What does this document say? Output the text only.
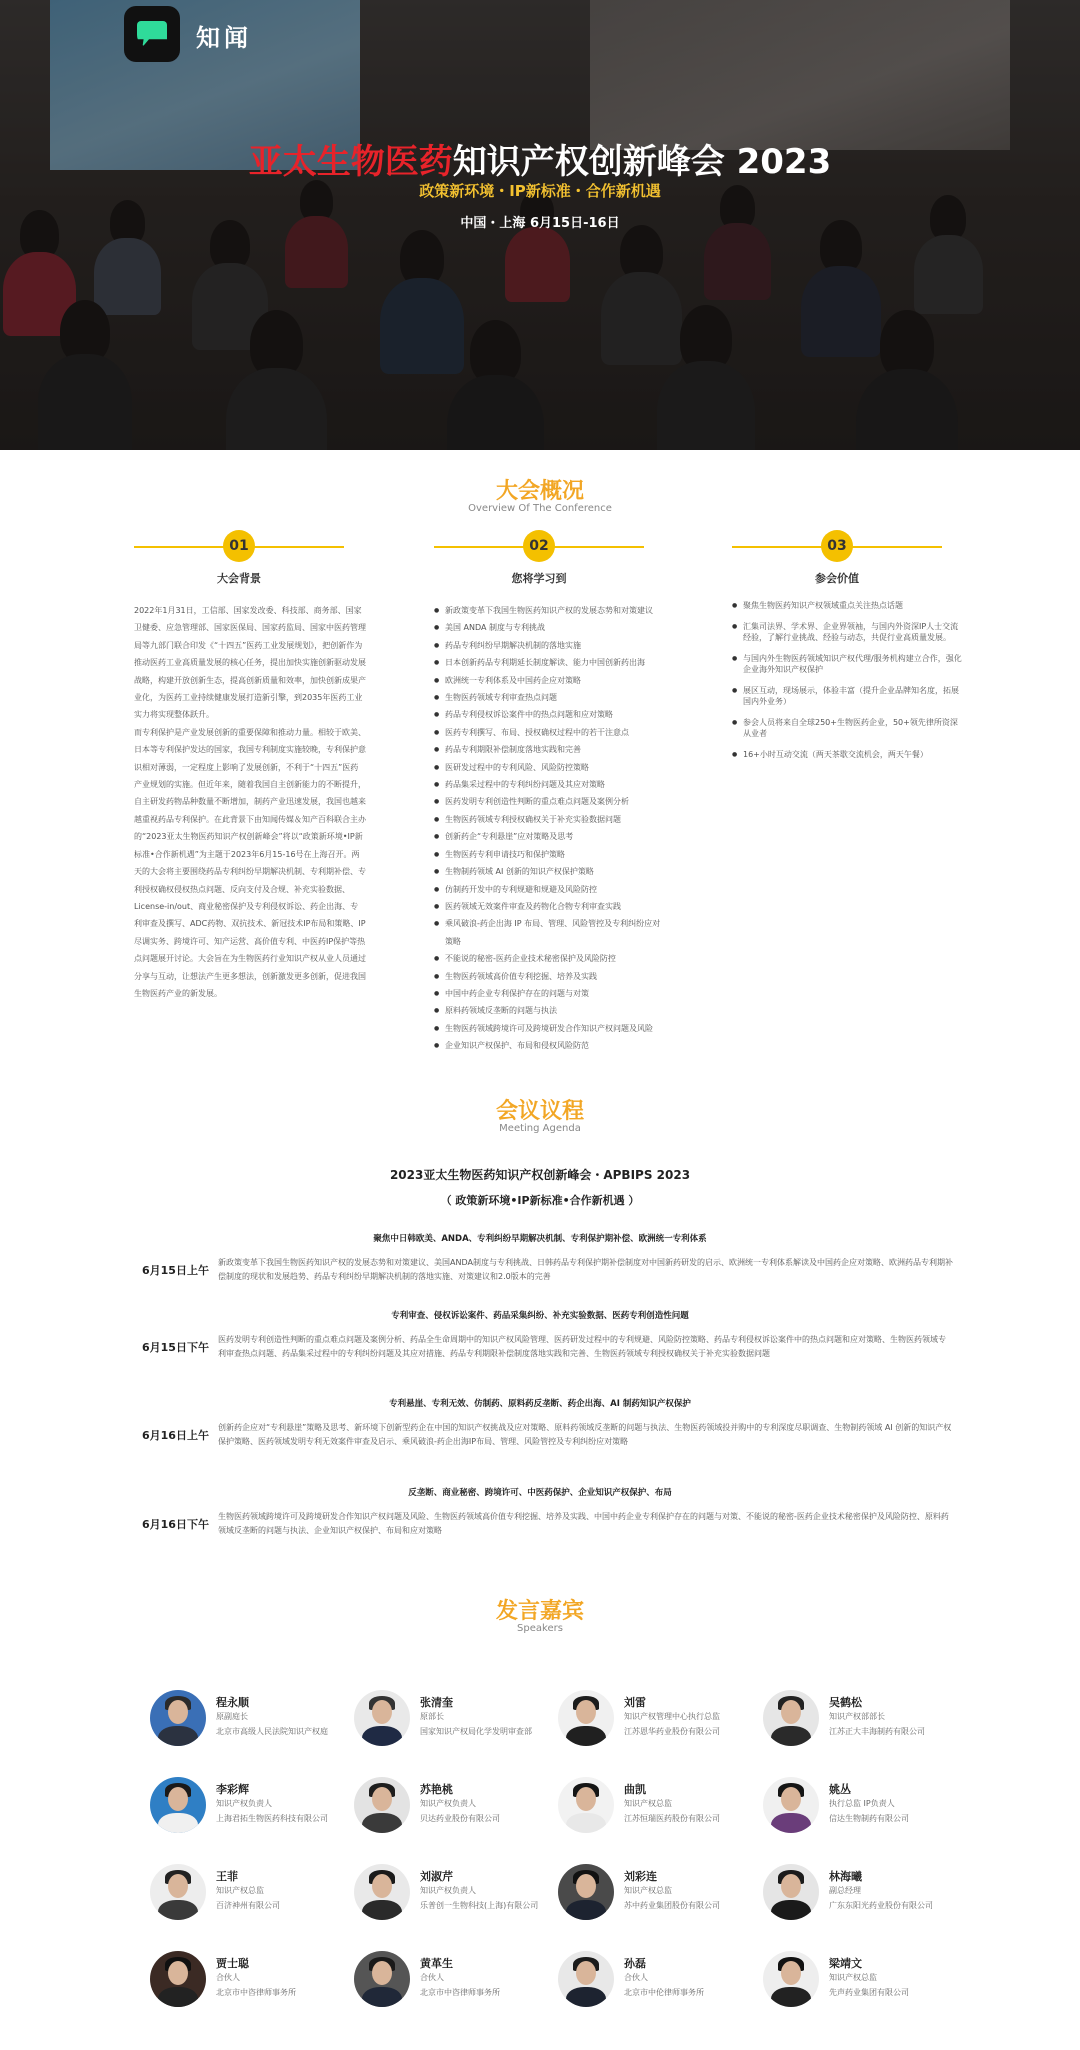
知闻
亚太生物医药知识产权创新峰会 2023
政策新环境・IP新标准・合作新机遇
中国・上海 6月15日-16日
大会概况
Overview Of The Conference
01
大会背景

2022年1月31日，工信部、国家发改委、科技部、商务部、国家卫健委、应急管理部、国家医保局、国家药监局、国家中医药管理局等九部门联合印发《“十四五”医药工业发展规划》，把创新作为推动医药工业高质量发展的核心任务，提出加快实施创新驱动发展战略，构建开放创新生态，提高创新质量和效率，加快创新成果产业化，为医药工业持续健康发展打造新引擎，到2035年医药工业实力将实现整体跃升。

而专利保护是产业发展创新的重要保障和推动力量。相较于欧美、日本等专利保护发达的国家，我国专利制度实施较晚，专利保护意识相对薄弱，一定程度上影响了发展创新，不利于“十四五”医药产业规划的实施。但近年来，随着我国自主创新能力的不断提升，自主研发药物品种数量不断增加，制药产业迅速发展，我国也越来越重视药品专利保护。在此背景下由知闻传媒＆知产百科联合主办的“2023亚太生物医药知识产权创新峰会”将以“政策新环境•IP新标准•合作新机遇”为主题于2023年6月15-16号在上海召开。两天的大会将主要围绕药品专利纠纷早期解决机制、专利期补偿、专利授权确权侵权热点问题、反向支付及合规、补充实验数据、License-in/out、商业秘密保护及专利侵权诉讼、药企出海、专利审查及撰写、ADC药物、双抗技术、新冠技术IP布局和策略、IP尽调实务、跨境许可、知产运营、高价值专利、中医药IP保护等热点问题展开讨论。大会旨在为生物医药行业知识产权从业人员通过分享与互动，让想法产生更多想法，创新激发更多创新，促进我国生物医药产业的新发展。

02
您将学习到
● 新政策变革下我国生物医药知识产权的发展态势和对策建议
● 美国 ANDA 制度与专利挑战
● 药品专利纠纷早期解决机制的落地实施
● 日本创新药品专利期延长制度解读、能力中国创新药出海
● 欧洲统一专利体系及中国药企应对策略
● 生物医药领域专利审查热点问题
● 药品专利侵权诉讼案件中的热点问题和应对策略
● 医药专利撰写、布局、授权确权过程中的若干注意点
● 药品专利期限补偿制度落地实践和完善
● 医研发过程中的专利风险、风险防控策略
● 药品集采过程中的专利纠纷问题及其应对策略
● 医药发明专利创造性判断的重点难点问题及案例分析
● 生物医药领域专利授权确权关于补充实验数据问题
● 创新药企“专利悬崖”应对策略及思考
● 生物医药专利申请技巧和保护策略
● 生物制药领域 AI 创新的知识产权保护策略
● 仿制药开发中的专利规避和规避及风险防控
● 医药领域无效案件审查及药物化合物专利审查实践
● 乘风破浪-药企出海 IP 布局、管理、风险管控及专利纠纷应对策略
● 不能说的秘密-医药企业技术秘密保护及风险防控
● 生物医药领域高价值专利挖掘、培养及实践
● 中国中药企业专利保护存在的问题与对策
● 原料药领域反垄断的问题与执法
● 生物医药领域跨境许可及跨境研发合作知识产权问题及风险
● 企业知识产权保护、布局和侵权风险防范
03
参会价值
● 聚焦生物医药知识产权领域重点关注热点话题
● 汇集司法界、学术界、企业界领袖，与国内外资深IP人士交流经验，了解行业挑战、经验与动态，共促行业高质量发展。
● 与国内外生物医药领域知识产权代理/服务机构建立合作，强化企业海外知识产权保护
● 展区互动，现场展示，体验丰富（提升企业品牌知名度，拓展国内外业务）
● 参会人员将来自全球250+生物医药企业，50+领先律所资深从业者
● 16+小时互动交流（两天茶歇交流机会，两天午餐）
会议议程
Meeting Agenda
2023亚太生物医药知识产权创新峰会・APBIPS 2023
（ 政策新环境•IP新标准•合作新机遇 ）
聚焦中日韩欧美、ANDA、专利纠纷早期解决机制、专利保护期补偿、欧洲统一专利体系
6月15日上午
新政策变革下我国生物医药知识产权的发展态势和对策建议、美国ANDA制度与专利挑战、日韩药品专利保护期补偿制度对中国新药研发的启示、欧洲统一专利体系解读及中国药企应对策略、欧洲药品专利期补偿制度的现状和发展趋势、药品专利纠纷早期解决机制的落地实施、对策建议和2.0版本的完善
专利审查、侵权诉讼案件、药品采集纠纷、补充实验数据、医药专利创造性问题
6月15日下午
医药发明专利创造性判断的重点难点问题及案例分析、药品全生命周期中的知识产权风险管理、医药研发过程中的专利规避、风险防控策略、药品专利侵权诉讼案件中的热点问题和应对策略、生物医药领域专利审查热点问题、药品集采过程中的专利纠纷问题及其应对措施、药品专利期限补偿制度落地实践和完善、生物医药领域专利授权确权关于补充实验数据问题
专利悬崖、专利无效、仿制药、原料药反垄断、药企出海、AI 制药知识产权保护
6月16日上午
创新药企应对“专利悬崖”策略及思考、新环境下创新型药企在中国的知识产权挑战及应对策略、原料药领域反垄断的问题与执法、生物医药领域投并购中的专利深度尽职调查、生物制药领域 AI 创新的知识产权保护策略、医药领域发明专利无效案件审查及启示、乘风破浪-药企出海IP布局、管理、风险管控及专利纠纷应对策略
反垄断、商业秘密、跨境许可、中医药保护、企业知识产权保护、布局
6月16日下午
生物医药领域跨境许可及跨境研发合作知识产权问题及风险、生物医药领域高价值专利挖掘、培养及实践、中国中药企业专利保护存在的问题与对策、不能说的秘密-医药企业技术秘密保护及风险防控、原料药领域反垄断的问题与执法、企业知识产权保护、布局和应对策略
发言嘉宾
Speakers
程永顺
原副庭长
北京市高级人民法院知识产权庭
张清奎
原部长
国家知识产权局化学发明审查部
刘雷
知识产权管理中心执行总监
江苏恩华药业股份有限公司
吴鹤松
知识产权部部长
江苏正大丰海制药有限公司
李彩辉
知识产权负责人
上海君拓生物医药科技有限公司
苏艳桃
知识产权负责人
贝达药业股份有限公司
曲凯
知识产权总监
江苏恒瑞医药股份有限公司
姚丛
执行总监 IP负责人
信达生物制药有限公司
王菲
知识产权总监
百济神州有限公司
刘淑芹
知识产权负责人
乐普创一生物科技(上海)有限公司
刘彩连
知识产权总监
苏中药业集团股份有限公司
林海曦
副总经理
广东东阳光药业股份有限公司
贾士聪
合伙人
北京市中咨律师事务所
黄革生
合伙人
北京市中咨律师事务所
孙磊
合伙人
北京市中伦律师事务所
梁靖文
知识产权总监
先声药业集团有限公司
